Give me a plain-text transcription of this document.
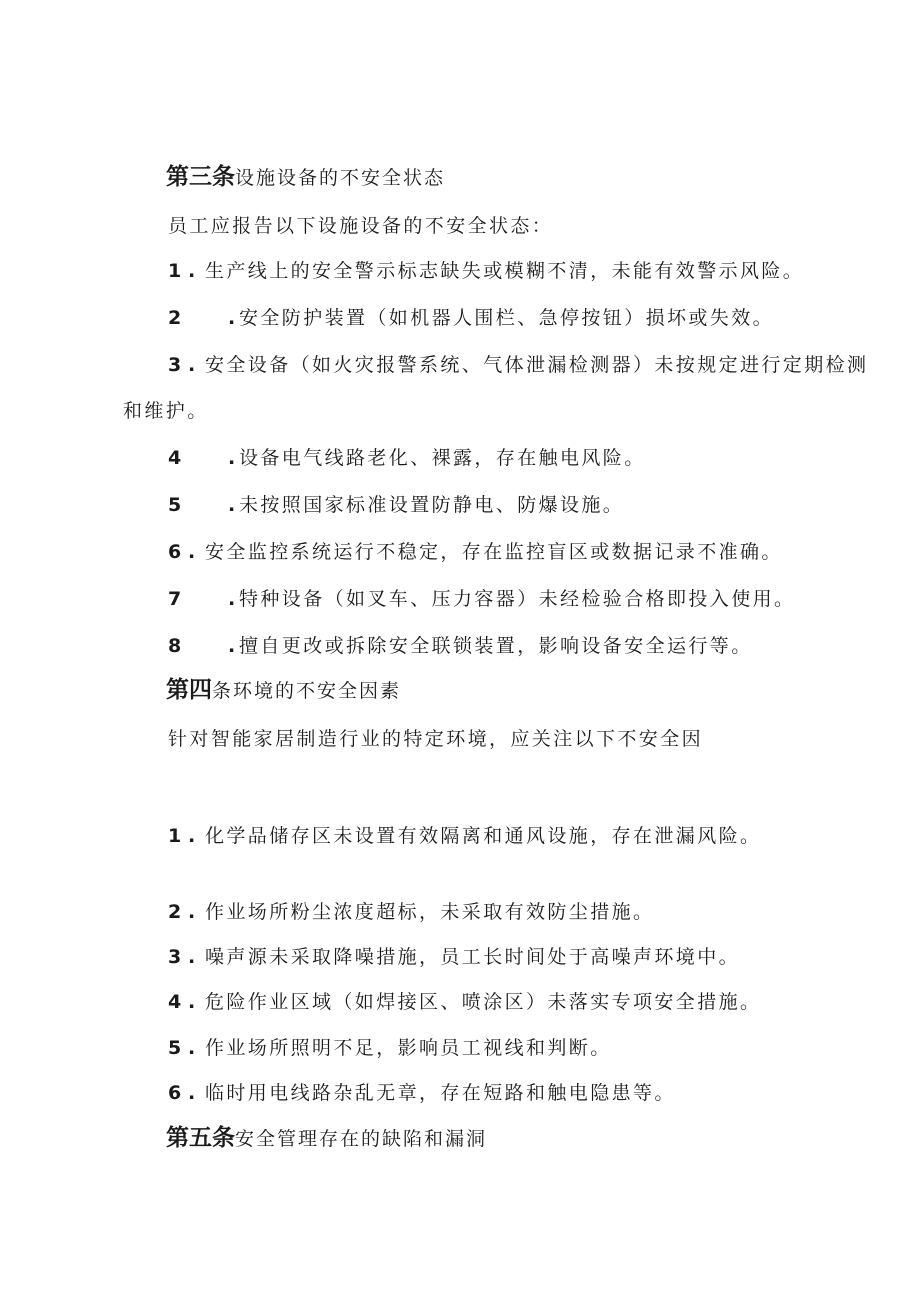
第三条 设施设备的不安全状态
员工应报告以下设施设备的不安全状态：
1 . 生产线上的安全警示标志缺失或模糊不清，未能有效警示风险。
2	. 安全防护装置（如机器人围栏、急停按钮）损坏或失效。
3 . 安全设备（如火灾报警系统、气体泄漏检测器）未按规定进行定期检测
和维护。
4	. 设备电气线路老化、裸露，存在触电风险。
5	. 未按照国家标准设置防静电、防爆设施。
6 . 安全监控系统运行不稳定，存在监控盲区或数据记录不准确。
7	. 特种设备（如叉车、压力容器）未经检验合格即投入使用。
8	. 擅自更改或拆除安全联锁装置，影响设备安全运行等。
第四 条环境的不安全因素
针对智能家居制造行业的特定环境，应关注以下不安全因
1 . 化学品储存区未设置有效隔离和通风设施，存在泄漏风险。
2 . 作业场所粉尘浓度超标，未采取有效防尘措施。
3 . 噪声源未采取降噪措施，员工长时间处于高噪声环境中。
4 . 危险作业区域（如焊接区、喷涂区）未落实专项安全措施。
5 . 作业场所照明不足，影响员工视线和判断。
6 . 临时用电线路杂乱无章，存在短路和触电隐患等。
第五条 安全管理存在的缺陷和漏洞
